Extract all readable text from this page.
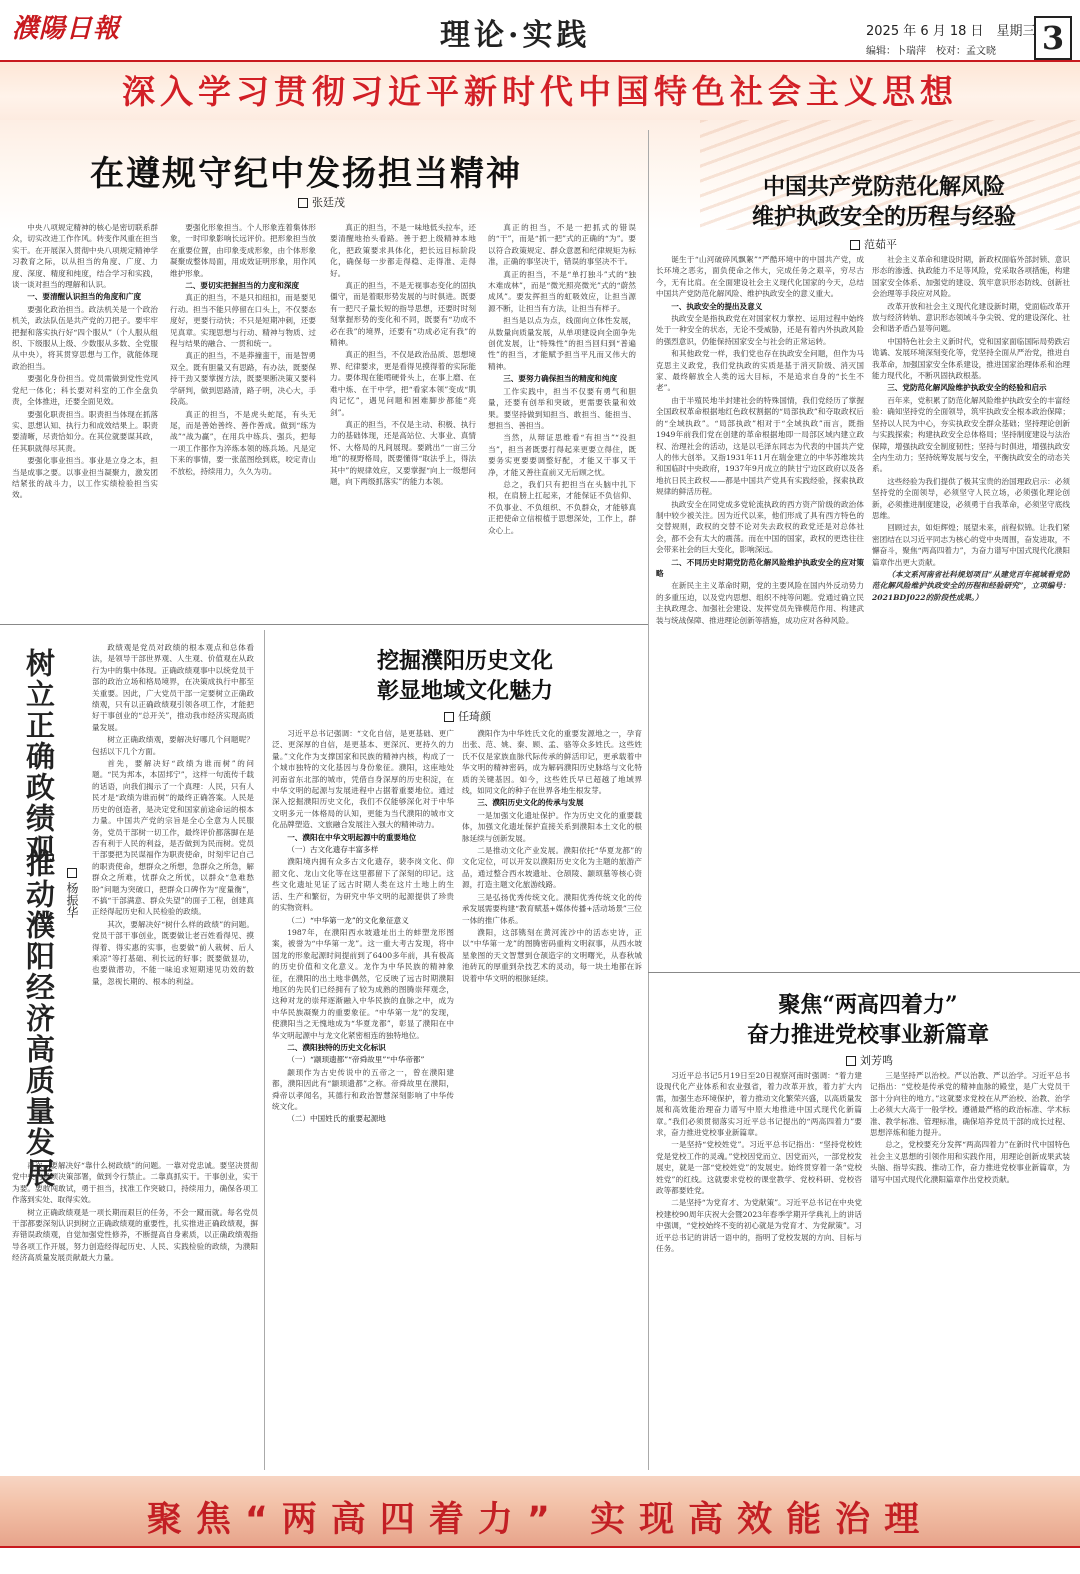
濮陽日報	理论·实践	2025 年 6 月 18 日　星期三
编辑：卜瑞萍　校对：孟文晓 3
深入学习贯彻习近平新时代中国特色社会主义思想
在遵规守纪中发扬担当精神
张廷茂

中央八项规定精神的核心是密切联系群众，切实改进工作作风。转变作风重在担当实干。在开展深入贯彻中央八项规定精神学习教育之际，以从担当的角度、广度、力度、深度、精度和纯度，结合学习和实践，谈一谈对担当的理解和认识。

一、要清醒认识担当的角度和广度

要强化政治担当。政法机关是一个政治机关，政法队伍是共产党的刀把子。要牢牢把握和落实执行好“四个服从”（个人服从组织、下级服从上级、少数服从多数、全党服从中央），将其贯穿思想与工作，就能体现政治担当。

要强化身份担当。党员需做到党性党风党纪一体化；科长要对科室的工作全盘负责，全体推进，还要全面见效。

要强化职责担当。职责担当体现在抓落实、思想认知、执行力和成效结果上。职责要清晰，尽责恰如分。在其位就要谋其政，任其职就得尽其责。

要强化事业担当。事业是立身之本，担当是成事之要。以事业担当凝聚力，激发团结紧张的战斗力，以工作实绩检验担当实效。

要强化形象担当。个人形象连着集体形象，一时印象影响长远评价。把形象担当放在重要位置，由印象变成形象，由个体形象凝聚成整体局面，用成效证明形象，用作风维护形象。

二、要切实把握担当的力度和深度

真正的担当，不是只扣纽扣，而是要见行动。担当不能只停留在口头上，不仅要态度好，更要行动快；不只是短期冲刺，还要见真章。实现思想与行动、精神与物质、过程与结果的融合、一贯和统一。

真正的担当，不是莽撞蛮干，而是智勇双全。既有胆量又有思路，有办法，既要保持干劲又要掌握方法，既要果断决策又要科学研判，做到思路清，路子明，决心大，手段高。

真正的担当，不是虎头蛇尾，有头无尾，而是善始善终、善作善成。做到“练为战”“战为赢”，在用兵中练兵、强兵，把每一项工作都作为淬炼本领的练兵场。凡是定下来的事情，要一张蓝图绘到底，咬定青山不放松，持续用力，久久为功。

真正的担当，不是一味地低头拉车，还要清醒地抬头看路。善于把上级精神本地化，把政策要求具体化，把长远目标阶段化，确保每一步都走得稳、走得准、走得好。

真正的担当，不是无视事态变化的固执僵守，而是着眼形势发展的与时俱进。既要有一把尺子量长短的指导思想，还要时时刻刻掌握形势的变化和不同，既要有“功成不必在我”的境界，还要有“功成必定有我”的精神。

真正的担当，不仅是政治品质、思想境界、纪律要求，更是看得见摸得着的实际能力。要体现在能啃硬骨头上，在事上磨、在难中炼、在干中学，把“看家本领”变成“肌肉记忆”，遇见问题和困难脚步都能“亮剑”。

真正的担当，不仅是主动、积极、执行力的基础体现，还是高站位、大事业、真情怀、大格局的凡间展现。要跳出“一亩三分地”的视野格局，既要懂得“取法乎上，得法其中”的规律效应，又要掌握“向上一级想问题，向下两级抓落实”的能力本领。

真正的担当，不是一把抓式的错误的“干”，而是“抓一把”式的正确的“为”。要以符合政策规定、群众意愿和纪律规矩为标准，正确的事坚决干，错误的事坚决不干。

真正的担当，不是“单打独斗”式的“独木难成林”，而是“微光照亮微光”式的“蔚然成风”。要发挥担当的虹吸效应，让担当源源不断，让担当有方法，让担当有样子。

担当是以点为点，线面向立体性发展，从数量向质量发展，从单项建设向全面争先创优发展，让“特殊性”的担当回归到“普遍性”的担当，才能赋予担当平凡而又伟大的精神。

三、要努力确保担当的精度和纯度

工作实践中，担当不仅要有勇气和胆量，还要有创举和突破，更需要铁量和效果。要坚持做到知担当、敢担当、能担当、想担当、善担当。

当然，从辩证思维看“有担当”“没担当”，担当者既要打得起来更要立得住，既要务实更要要调整好配，才能又干事又干净，才能又善往直前又无后顾之忧。

总之，我们只有把担当在头脑中扎下根，在肩膀上扛起来，才能保证不负信仰、不负事业、不负组织、不负群众，才能够真正把使命立信根植于思想深处，工作上，群众心上。

中国共产党防范化解风险
维护执政安全的历程与经验
范茹平

诞生于“山河破碎风飘絮”“严酷环境中的中国共产党，成长环境之恶劣，面负使命之伟大，完成任务之艰辛，穷尽古今，无有比肩。在全面建设社会主义现代化国家的今天，总结中国共产党防范化解风险、维护执政安全的意义重大。

一、执政安全的提出及意义

执政安全是指执政党在对国家权力掌控、运用过程中始终处于一种安全的状态，无论不受威胁，还是有着内外执政风险的强烈意识，仍能保持国家安全与社会的正常运转。

和其他政党一样，我们党也存在执政安全问题，但作为马克思主义政党，我们党执政的实质是基于消灭阶级、消灭国家、最终解放全人类的远大目标，不是追求自身的“长生不老”。

由于半殖民地半封建社会的特殊国情，我们党经历了掌握全国政权革命根据地红色政权割据的“局部执政”和夺取政权后的“全域执政”。“局部执政”相对于“全域执政”而言，既指1949年前我们党在创建的革命根据地即一局部区域内建立政权、治理社会的活动，这是以毛泽东同志为代表的中国共产党人的伟大创举。又指1931年11月在瑞金建立的中华苏维埃共和国临时中央政府，1937年9月成立的陕甘宁边区政府以及各地抗日民主政权——都是中国共产党具有实践经验，探索执政规律的鲜活历程。

执政安全在同党成多党轮流执政的西方资产阶级的政治体制中较少被关注。因为近代以来，他们形成了具有西方特色的交替规则，政权的交替不论对失去政权的政党还是对总体社会，都不会有太大的震荡。而在中国的国家，政权的更迭往往会带来社会的巨大变化，影响深远。

二、不同历史时期党防范化解风险维护执政安全的应对策略

在新民主主义革命时期，党的主要风险在国内外反动势力的多重压迫，以及党内思想、组织不纯等问题。党通过确立民主执政理念、加强社会建设、发挥党员先锋模范作用、构建武装与统战保障、推进理论创新等措施，成功应对各种风险。

社会主义革命和建设时期，新政权面临外部封锁、意识形态的渗透、执政能力不足等风险，党采取各项措施，构建国家安全体系、加强党的建设、筑牢意识形态防线、创新社会治理等手段应对风险。

改革开放和社会主义现代化建设新时期，党面临改革开放与经济转轨、意识形态领域斗争尖锐、党的建设深化、社会和谐矛盾凸显等问题。

中国特色社会主义新时代，党和国家面临国际局势跌宕诡谲、发展环境深刻变化等，党坚持全面从严治党，推进自我革命，加强国家安全体系建设，推进国家治理体系和治理能力现代化，不断巩固执政根基。

三、党防范化解风险维护执政安全的经验和启示

百年来，党积累了防范化解风险维护执政安全的丰富经验：确知坚持党的全面领导，筑牢执政安全根本政治保障；坚持以人民为中心，夯实执政安全群众基础；坚持理论创新与实践探索；构建执政安全总体格局；坚持制度建设与法治保障，增强执政安全制度韧性；坚持与时俱进，增强执政安全内生动力；坚持统筹发展与安全，平衡执政安全的动态关系。

这些经验为我们提供了极其宝贵的治国理政启示：必须坚持党的全面领导，必须坚守人民立场，必须强化理论创新，必须推进制度建设，必须勇于自我革命，必须坚守底线思维。

回顾过去，如炬辉煌；展望未来，前程似锦。让我们紧密团结在以习近平同志为核心的党中央周围，奋发进取，不懈奋斗，聚焦“两高四着力”，为奋力谱写中国式现代化濮阳篇章作出更大贡献。

（本文系河南省社科规划项目“从建党百年视域看党防范化解风险维护执政安全的历程和经验研究”，立项编号：2021BDJ022的阶段性成果。）

树立正确政绩观
推动濮阳经济高质量发展 杨振华

政绩观是党员对政绩的根本观点和总体看法，是领导干部世界观、人生观、价值观在从政行为中的集中体现。正确政绩观事中以统党员干部的政治立场和格局境界，在决策成执行中都至关重要。因此，广大党员干部一定要树立正确政绩观，只有以正确政绩观引领各项工作，才能把好干事创业的“总开关”，推动我市经济实现高质量发展。

树立正确政绩观，要解决好哪几个问题呢？包括以下几个方面。

首先，要解决好“政绩为谁而树”的问题。“民为邦本，本固邦宁”，这样一句流传千载的话语，向我们揭示了一个真理：人民，只有人民才是“政绩为谁而树”的最终正确答案。人民是历史的创造者，是决定党和国家前途命运的根本力量。中国共产党的宗旨是全心全意为人民服务，党员干部树一切工作，最终评价都落脚在是否有利于人民的利益，是否做到为民而树。党员干部要把为民谋福作为职责使命，时刻牢记自己的职责使命，想群众之所想，急群众之所急，解群众之所难，忧群众之所忧，以群众“急难愁盼”问题为突破口，把群众口碑作为“度量衡”，不搞“干部满意、群众失望”的面子工程，创建真正经得起历史和人民检验的政绩。

其次，要解决好“树什么样的政绩”的问题。党员干部干事创业，既要做让老百姓看得见、摸得着、得实惠的实事，也要做“前人栽树、后人乘凉”等打基础、利长远的好事；既要做显功，也要做潜功，不能一味追求短期速见功效的数量，忽视长期的、根本的利益。

再次，要解决好“靠什么树政绩”的问题。一靠对党忠诚。要坚决贯彻党中央的各项决策部署，做到令行禁止。二靠真抓实干。干事创业，实干为要。要敢闯敢试，勇于担当，找准工作突破口，持续用力，确保各项工作落到实处、取得实效。

树立正确政绩观是一项长期而艰巨的任务，不会一蹴而就。每名党员干部都要深刻认识到树立正确政绩观的重要性，扎实推进正确政绩观，摒弃错误政绩观，自觉加强党性修养，不断提高自身素质，以正确政绩观指导各项工作开展，努力创造经得起历史、人民、实践检验的政绩，为濮阳经济高质量发展贡献最大力量。

挖掘濮阳历史文化
彰显地域文化魅力
任琦颜

习近平总书记强调：“文化自信，是更基础、更广泛、更深厚的自信，是更基本、更深沉、更持久的力量。”文化作为支撑国家和民族的精神内核，构成了一个城市独特的文化基因与身份象征。濮阳，这座地处河南省东北部的城市，凭借自身深厚的历史积淀，在中华文明的起源与发展进程中占据着重要地位。通过深入挖掘濮阳历史文化，我们不仅能够深化对于中华文明多元一体格局的认知，更能为当代濮阳的城市文化品牌塑造、文旅融合发展注入强大的精神动力。

一、濮阳在中华文明起源中的重要地位

（一）古文化遗存丰富多样

濮阳境内拥有众多古文化遗存，裴李岗文化、仰韶文化、龙山文化等在这里都留下了深刻的印记。这些文化遗址见证了远古时期人类在这片土地上的生活、生产和繁衍，为研究中华文明的起源提供了珍贵的实物资料。

（二）“中华第一龙”的文化象征意义

1987年，在濮阳西水坡遗址出土的蚌塑龙形图案，被誉为“中华第一龙”。这一重大考古发现，将中国龙的形象起源时间提前到了6400多年前，具有极高的历史价值和文化意义。龙作为中华民族的精神象征，在濮阳的出土地非偶然，它反映了远古时期濮阳地区的先民们已经拥有了较为成熟的图腾崇拜观念，这种对龙的崇拜逐渐融入中华民族的血脉之中，成为中华民族凝聚力的重要象征。“中华第一龙”的发现，使濮阳当之无愧地成为“华夏龙都”，彰显了濮阳在中华文明起源中与龙文化紧密相连的独特地位。

二、濮阳独特的历史文化标识

（一）“颛顼遗都”“帝舜故里”“中华帝都”

颛顼作为古史传说中的五帝之一，曾在濮阳建都，濮阳因此有“颛顼遗都”之称。帝舜故里在濮阳，舜帝以孝闻名，其德行和政治智慧深刻影响了中华传统文化。

（二）中国姓氏的重要起源地

濮阳作为中华姓氏文化的重要发源地之一，孕育出张、范、姚、秦、顾、孟、骆等众多姓氏。这些姓氏不仅是家族血脉代际传承的鲜活印记，更承载着中华文明的精神密码，成为解码濮阳历史脉络与文化特质的关键基因。如今，这些姓氏早已超越了地域界线，如同文化的种子在世界各地生根发芽。

三、濮阳历史文化的传承与发展

一是加强文化遗址保护。作为历史文化的重要载体，加强文化遗址保护直接关系到濮阳本土文化的根脉延续与创新发展。

二是推动文化产业发展。濮阳依托“华夏龙都”的文化定位，可以开发以濮阳历史文化为主题的旅游产品，通过整合西水坡遗址、仓颉陵、颛顼墓等核心资源，打造主题文化旅游线路。

三是弘扬优秀传统文化。濮阳优秀传统文化的传承发展需要构建“教育赋基+媒体传播+活动场景”三位一体的推广体系。

濮阳，这部镌刻在黄河流沙中的活态史诗，正以“中华第一龙”的图腾密码重构文明叙事，从西水坡星象图的天文智慧到仓颉造字的文明曙光，从春秋城池砖瓦的厚重到杂技艺术的灵动，每一块土地都在诉说着中华文明的根脉延续。

聚焦“两高四着力”
奋力推进党校事业新篇章
刘芳鸣

习近平总书记5月19日至20日视察河南时强调：“着力建设现代化产业体系和农业强省，着力改革开放，着力扩大内需，加强生态环境保护，着力推动文化繁荣兴盛，以高质量发展和高效能治理奋力谱写中原大地推进中国式现代化新篇章。”我们必须贯彻落实习近平总书记提出的“两高四着力”要求，奋力推进党校事业新篇章。

一是坚持“党校姓党”。习近平总书记指出：“坚持党校姓党是党校工作的灵魂。”党校因党而立、因党而兴，一部党校发展史，就是一部“党校姓党”的发展史。始终贯穿着一条“党校姓党”的红线。这就要求党校的课堂教学、党校科研、党校咨政等都要姓党。

二是坚持“为党育才、为党献策”。习近平总书记在中央党校建校90周年庆祝大会暨2023年春季学期开学典礼上的讲话中强调，“党校始终不变的初心就是为党育才、为党献策”。习近平总书记的讲话一语中的，指明了党校发展的方向、目标与任务。

三是坚持严以治校。严以治教、严以治学。习近平总书记指出：“党校是传承党的精神血脉的殿堂，是广大党员干部十分向往的地方。”这就要求党校在从严治校、治教、治学上必须大大高于一般学校。遵循最严格的政治标准、学术标准、教学标准、管理标准，确保培养党员干部的成长过程、思想淬炼和能力提升。

总之，党校要充分发挥“两高四着力”在新时代中国特色社会主义思想的引领作用和实践作用，用理论创新成果武装头脑、指导实践、推动工作，奋力推进党校事业新篇章，为谱写中国式现代化濮阳篇章作出党校贡献。

聚焦“两高四着力” 实现高效能治理
